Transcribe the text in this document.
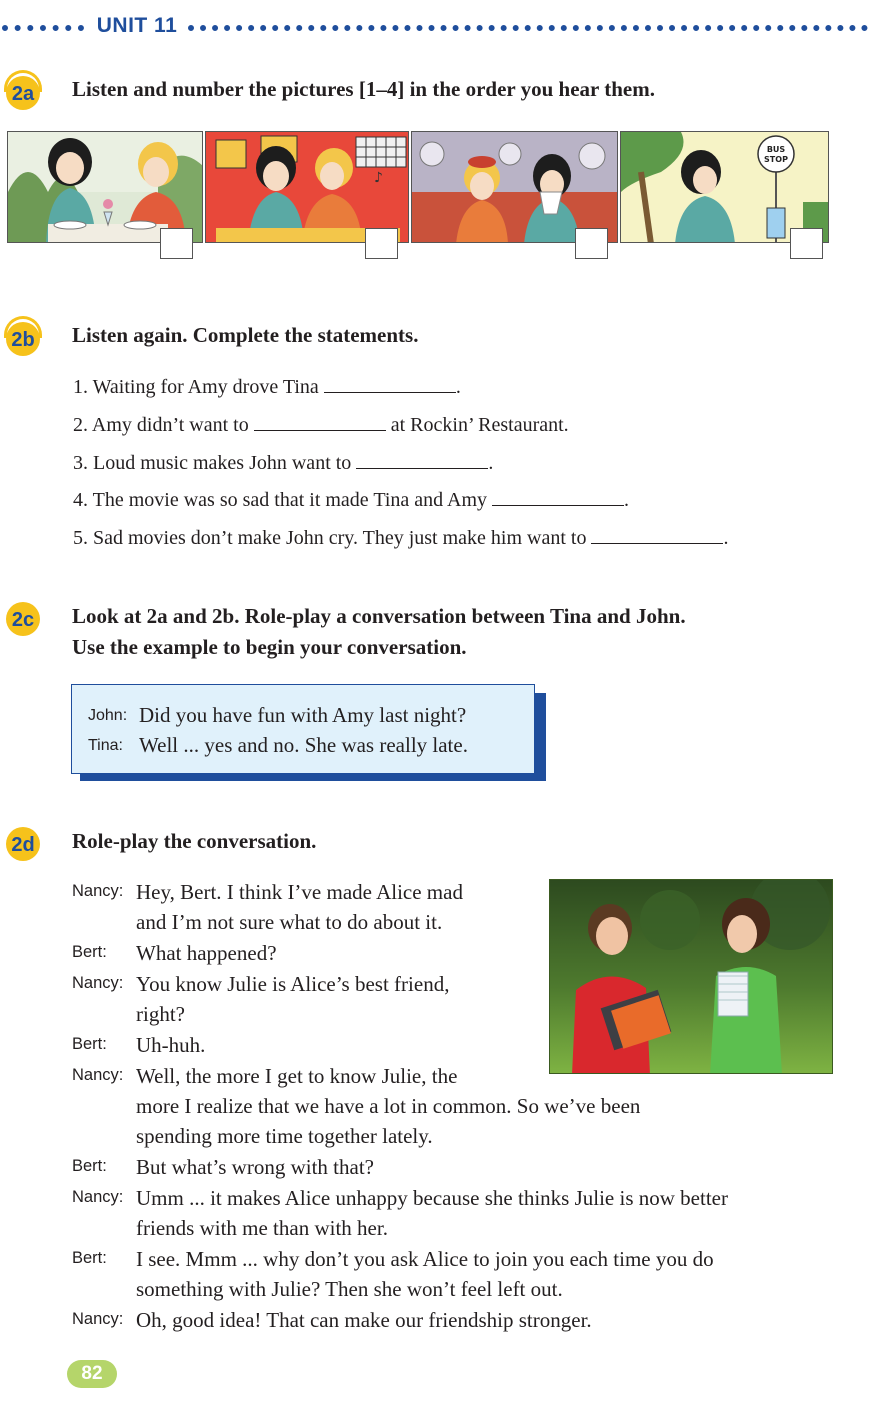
UNIT 11
2a Listen and number the pictures [1–4] in the order you hear them.
♪
BUS
STOP
2b Listen again. Complete the statements.
1. Waiting for Amy drove Tina	.
2. Amy didn’t want to	at Rockin’ Restaurant.
3. Loud music makes John want to	.
4. The movie was so sad that it made Tina and Amy	.
5. Sad movies don’t make John cry. They just make him want to	.
2c Look at 2a and 2b. Role-play a conversation between Tina and John.
Use the example to begin your conversation.
John: Did you have fun with Amy last night?
Tina: Well ... yes and no. She was really late.
2d Role-play the conversation.
Nancy: Hey, Bert. I think I’ve made Alice mad
and I’m not sure what to do about it.
Bert: What happened?
Nancy: You know Julie is Alice’s best friend,
right?
Bert: Uh-huh.
Nancy: Well, the more I get to know Julie, the
more I realize that we have a lot in common. So we’ve been
spending more time together lately.
Bert: But what’s wrong with that?
Nancy: Umm ... it makes Alice unhappy because she thinks Julie is now better
friends with me than with her.
Bert: I see. Mmm ... why don’t you ask Alice to join you each time you do
something with Julie? Then she won’t feel left out.
Nancy: Oh, good idea! That can make our friendship stronger.
82
